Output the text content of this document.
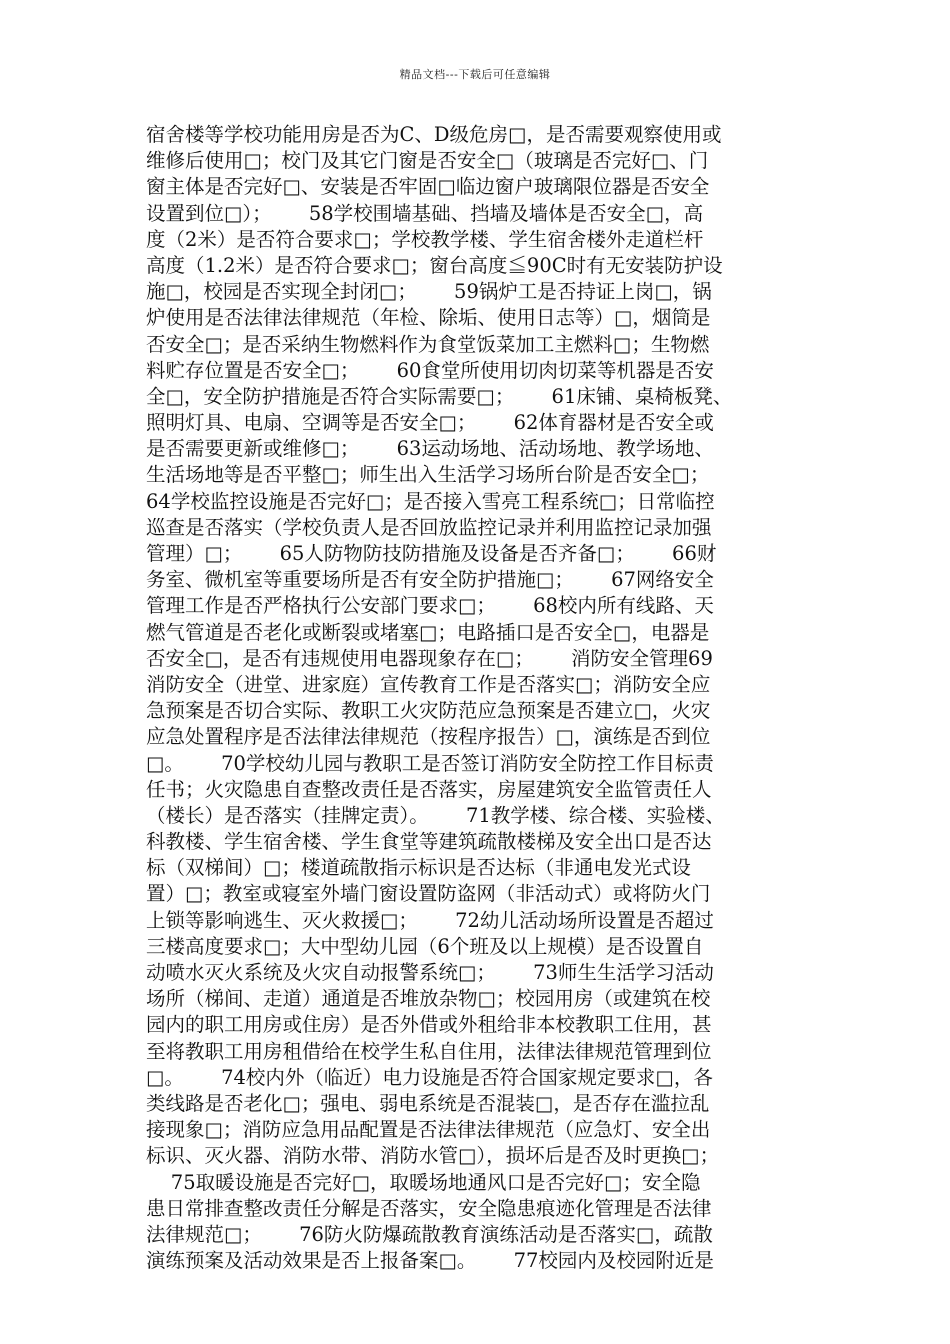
精品文档---下载后可任意编辑
宿舍楼等学校功能用房是否为C、D级危房□，是否需要观察使用或
维修后使用□；校门及其它门窗是否安全□（玻璃是否完好□、门
窗主体是否完好□、安装是否牢固□临边窗户玻璃限位器是否安全
设置到位□）；      58学校围墙基础、挡墙及墙体是否安全□，高
度（2米）是否符合要求□；学校教学楼、学生宿舍楼外走道栏杆
高度（1.2米）是否符合要求□；窗台高度≦90C时有无安装防护设
施□，校园是否实现全封闭□；      59锅炉工是否持证上岗□，锅
炉使用是否法律法律规范（年检、除垢、使用日志等）□，烟筒是
否安全□；是否采纳生物燃料作为食堂饭菜加工主燃料□；生物燃
料贮存位置是否安全□；      60食堂所使用切肉切菜等机器是否安
全□，安全防护措施是否符合实际需要□；      61床铺、桌椅板凳、
照明灯具、电扇、空调等是否安全□；      62体育器材是否安全或
是否需要更新或维修□；      63运动场地、活动场地、教学场地、
生活场地等是否平整□；师生出入生活学习场所台阶是否安全□；
64学校监控设施是否完好□；是否接入雪亮工程系统□；日常临控
巡查是否落实（学校负责人是否回放监控记录并利用监控记录加强
管理）□；      65人防物防技防措施及设备是否齐备□；      66财
务室、微机室等重要场所是否有安全防护措施□；      67网络安全
管理工作是否严格执行公安部门要求□；      68校内所有线路、天
燃气管道是否老化或断裂或堵塞□；电路插口是否安全□，电器是
否安全□，是否有违规使用电器现象存在□；      消防安全管理69
消防安全（进堂、进家庭）宣传教育工作是否落实□；消防安全应
急预案是否切合实际、教职工火灾防范应急预案是否建立□，火灾
应急处置程序是否法律法律规范（按程序报告）□，演练是否到位
□。      70学校幼儿园与教职工是否签订消防安全防控工作目标责
任书；火灾隐患自查整改责任是否落实，房屋建筑安全监管责任人
（楼长）是否落实（挂牌定责）。      71教学楼、综合楼、实验楼、
科教楼、学生宿舍楼、学生食堂等建筑疏散楼梯及安全出口是否达
标（双梯间）□；楼道疏散指示标识是否达标（非通电发光式设
置）□；教室或寝室外墙门窗设置防盗网（非活动式）或将防火门
上锁等影响逃生、灭火救援□；      72幼儿活动场所设置是否超过
三楼高度要求□；大中型幼儿园（6个班及以上规模）是否设置自
动喷水灭火系统及火灾自动报警系统□；      73师生生活学习活动
场所（梯间、走道）通道是否堆放杂物□；校园用房（或建筑在校
园内的职工用房或住房）是否外借或外租给非本校教职工住用，甚
至将教职工用房租借给在校学生私自住用，法律法律规范管理到位
□。      74校内外（临近）电力设施是否符合国家规定要求□，各
类线路是否老化□；强电、弱电系统是否混装□，是否存在滥拉乱
接现象□；消防应急用品配置是否法律法律规范（应急灯、安全出
标识、灭火器、消防水带、消防水管□），损坏后是否及时更换□；
75取暖设施是否完好□，取暖场地通风口是否完好□；安全隐
患日常排查整改责任分解是否落实，安全隐患痕迹化管理是否法律
法律规范□；      76防火防爆疏散教育演练活动是否落实□，疏散
演练预案及活动效果是否上报备案□。      77校园内及校园附近是
